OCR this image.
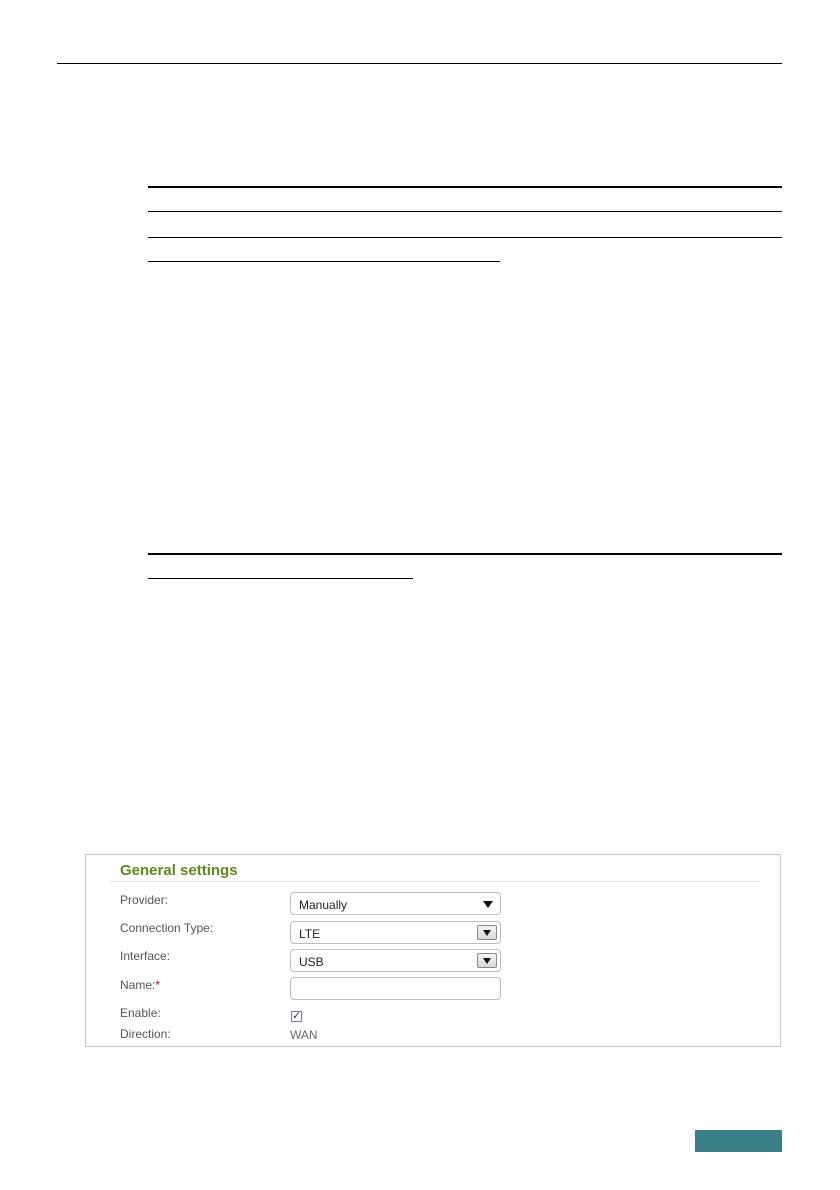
General settings
Provider:	Manually
Connection Type:	LTE
Interface:	USB
Name:*
Enable:	✓
Direction:	WAN
